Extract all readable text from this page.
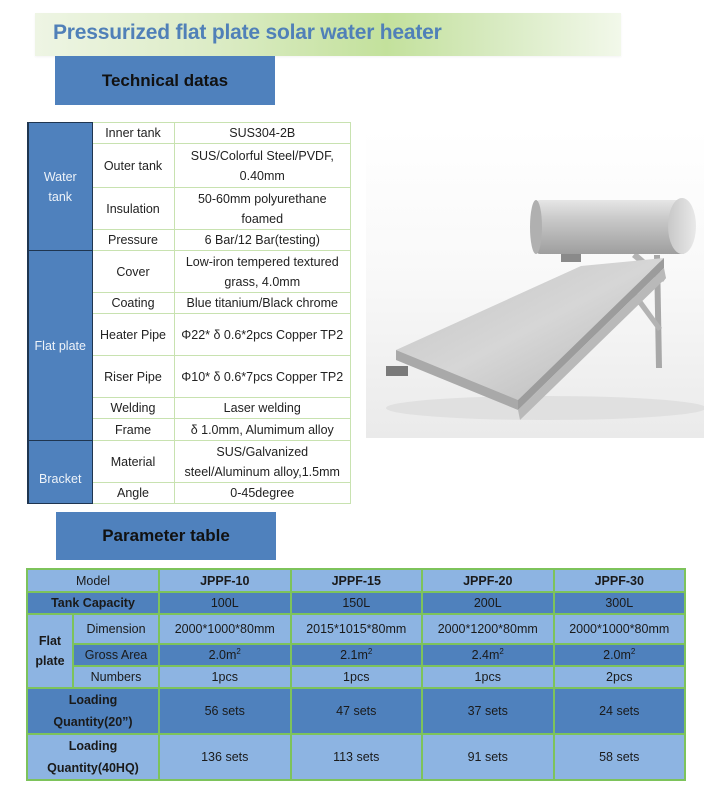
Pressurized flat plate solar water heater
Technical datas
Water tank	Inner tank	SUS304-2B
	Outer tank	SUS/Colorful Steel/PVDF, 0.40mm
	Insulation	50-60mm polyurethane foamed
	Pressure	6 Bar/12 Bar(testing)
Flat plate	Cover	Low-iron tempered textured grass, 4.0mm
	Coating	Blue titanium/Black chrome
	Heater Pipe	Φ22* δ 0.6*2pcs Copper TP2
	Riser Pipe	Φ10* δ 0.6*7pcs Copper TP2
	Welding	Laser welding
	Frame	δ 1.0mm, Alumimum alloy
Bracket	Material	SUS/Galvanized steel/Aluminum alloy,1.5mm
	Angle	0-45degree
Parameter table
Model		JPPF-10	JPPF-15	JPPF-20	JPPF-30
Tank Capacity		100L	150L	200L	300L
Flat plate	Dimension	2000*1000*80mm	2015*1015*80mm	2000*1200*80mm	2000*1000*80mm
	Gross Area	$2.0m^2$	$2.1m^2$	$2.4m^2$	$2.0m^2$
	Numbers	1pcs	1pcs	1pcs	2pcs
Loading
Quantity(20”)		56 sets	47 sets	37 sets	24 sets
Loading
Quantity(40HQ)		136 sets	113 sets	91 sets	58 sets
